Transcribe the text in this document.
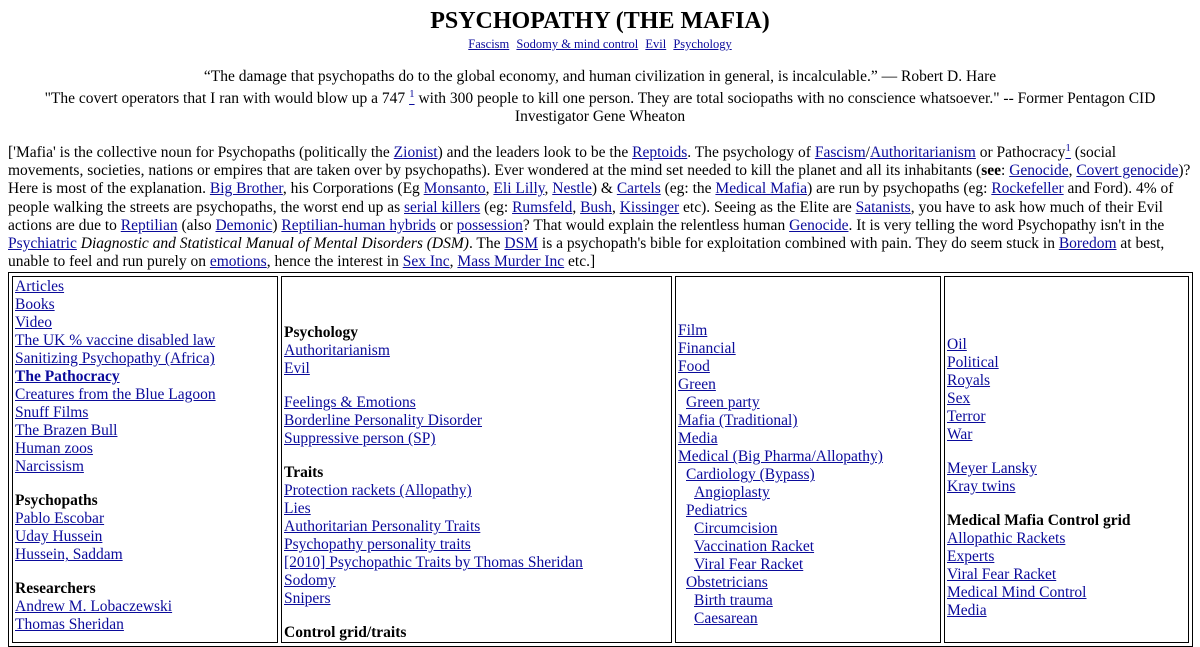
PSYCHOPATHY (THE MAFIA)
Fascism Sodomy & mind control Evil Psychology

“The damage that psychopaths do to the global economy, and human civilization in general, is incalculable.” — Robert D. Hare

"The covert operators that I ran with would blow up a 747 $^1$ with 300 people to kill one person. They are total sociopaths with no conscience whatsoever." -- Former Pentagon CID Investigator Gene Wheaton

['Mafia' is the collective noun for Psychopaths (politically the Zionist) and the leaders look to be the Reptoids. The psychology of Fascism/Authoritarianism or Pathocracy$^1$ (social movements, societies, nations or empires that are taken over by psychopaths). Ever wondered at the mind set needed to kill the planet and all its inhabitants (see: Genocide, Covert genocide)? Here is most of the explanation. Big Brother, his Corporations (Eg Monsanto, Eli Lilly, Nestle) & Cartels (eg: the Medical Mafia) are run by psychopaths (eg: Rockefeller and Ford). 4% of people walking the streets are psychopaths, the worst end up as serial killers (eg: Rumsfeld, Bush, Kissinger etc). Seeing as the Elite are Satanists, you have to ask how much of their Evil actions are due to Reptilian (also Demonic) Reptilian-human hybrids or possession? That would explain the relentless human Genocide. It is very telling the word Psychopathy isn't in the Psychiatric Diagnostic and Statistical Manual of Mental Disorders (DSM). The DSM is a psychopath's bible for exploitation combined with pain. They do seem stuck in Boredom at best, unable to feel and run purely on emotions, hence the interest in Sex Inc, Mass Murder Inc etc.]
Articles
Books
Video
The UK % vaccine disabled law
Sanitizing Psychopathy (Africa)
The Pathocracy
Creatures from the Blue Lagoon
Snuff Films
The Brazen Bull
Human zoos
Narcissism
Psychopaths
Pablo Escobar
Uday Hussein
Hussein, Saddam
Researchers
Andrew M. Lobaczewski
Thomas Sheridan

Psychology
Authoritarianism
Evil
Feelings & Emotions
Borderline Personality Disorder
Suppressive person (SP)
Traits
Protection rackets (Allopathy)
Lies
Authoritarian Personality Traits
Psychopathy personality traits
[2010] Psychopathic Traits by Thomas Sheridan
Sodomy
Snipers
Control grid/traits

Film
Financial
Food
Green
Green party
Mafia (Traditional)
Media
Medical (Big Pharma/Allopathy)
Cardiology (Bypass)
Angioplasty
Pediatrics
Circumcision
Vaccination Racket
Viral Fear Racket
Obstetricians
Birth trauma
Caesarean

Oil
Political
Royals
Sex
Terror
War
Meyer Lansky
Kray twins
Medical Mafia Control grid
Allopathic Rackets
Experts
Viral Fear Racket
Medical Mind Control
Media
